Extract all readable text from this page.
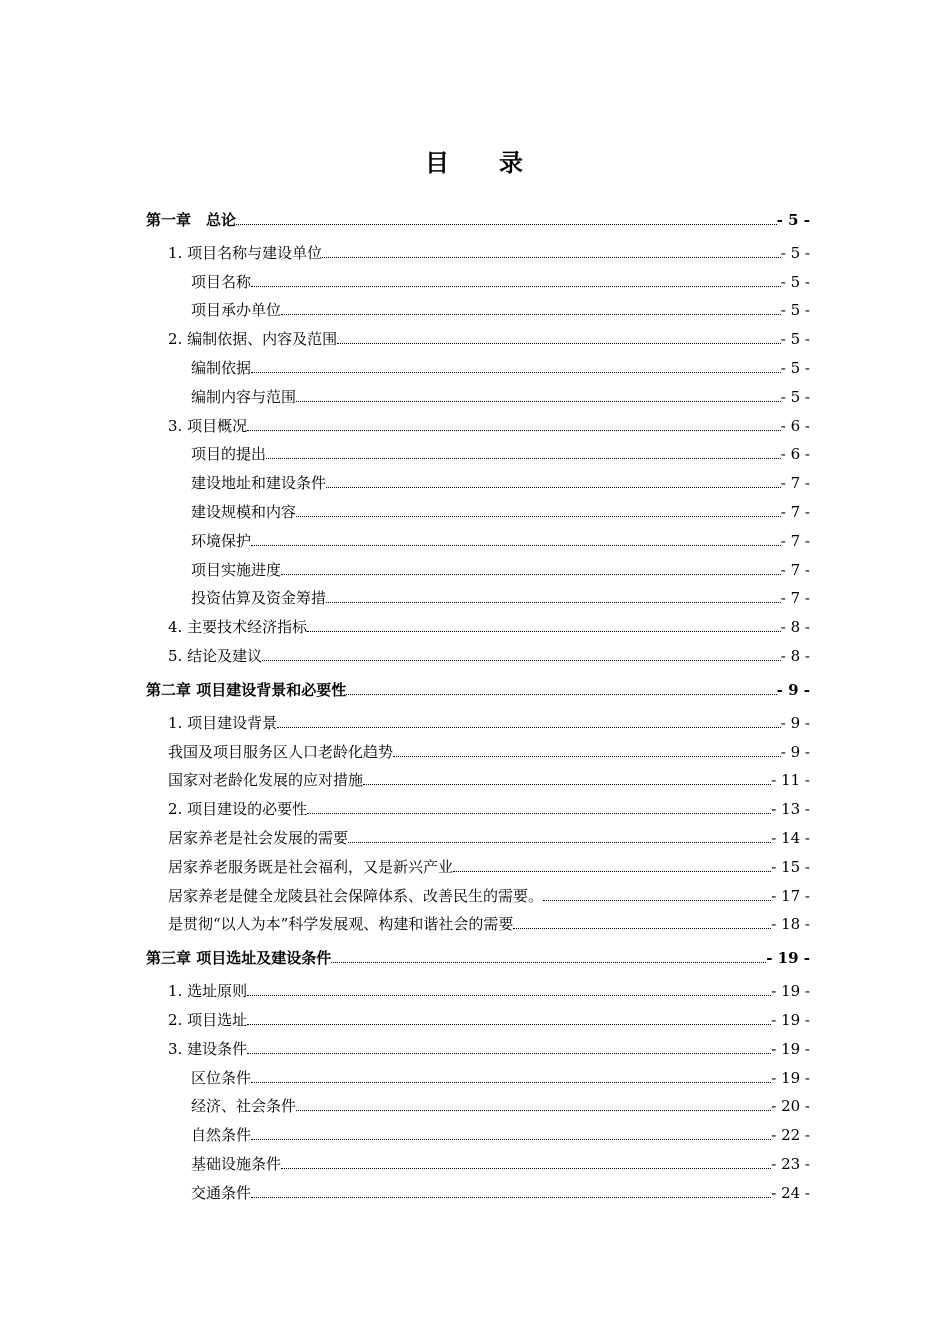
目 录
第一章　总论	- 5 -
1. 项目名称与建设单位	- 5 -
项目名称	- 5 -
项目承办单位	- 5 -
2. 编制依据、内容及范围	- 5 -
编制依据	- 5 -
编制内容与范围	- 5 -
3. 项目概况	- 6 -
项目的提出	- 6 -
建设地址和建设条件	- 7 -
建设规模和内容	- 7 -
环境保护	- 7 -
项目实施进度	- 7 -
投资估算及资金筹措	- 7 -
4. 主要技术经济指标	- 8 -
5. 结论及建议	- 8 -
第二章 项目建设背景和必要性	- 9 -
1. 项目建设背景	- 9 -
我国及项目服务区人口老龄化趋势	- 9 -
国家对老龄化发展的应对措施	- 11 -
2. 项目建设的必要性	- 13 -
居家养老是社会发展的需要	- 14 -
居家养老服务既是社会福利，又是新兴产业	- 15 -
居家养老是健全龙陵县社会保障体系、改善民生的需要。	- 17 -
是贯彻“以人为本”科学发展观、构建和谐社会的需要	- 18 -
第三章 项目选址及建设条件	- 19 -
1. 选址原则	- 19 -
2. 项目选址	- 19 -
3. 建设条件	- 19 -
区位条件	- 19 -
经济、社会条件	- 20 -
自然条件	- 22 -
基础设施条件	- 23 -
交通条件	- 24 -
